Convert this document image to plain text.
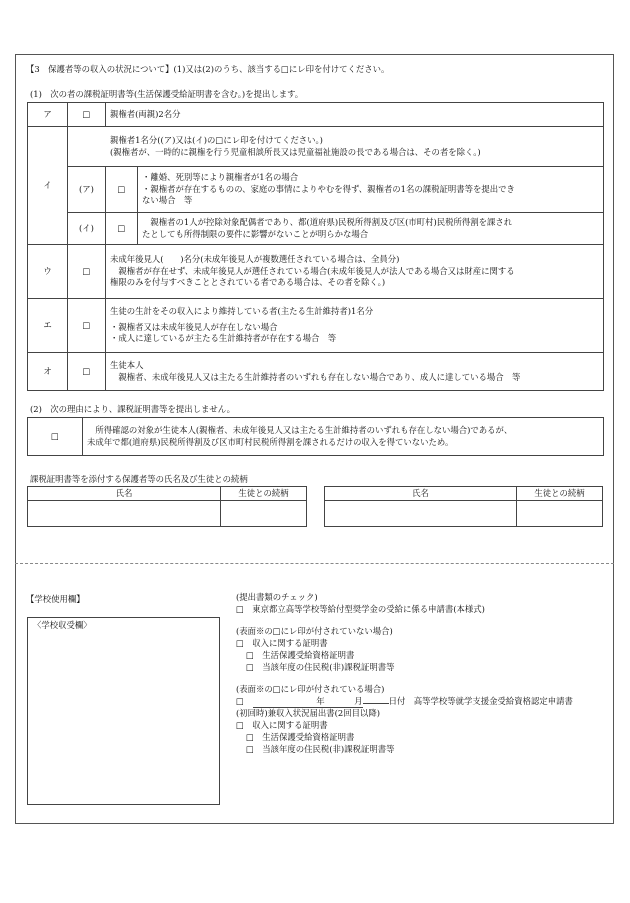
【3　保護者等の収入の状況について】(1)又は(2)のうち、該当する□にレ印を付けてください。
(1)　次の者の課税証明書等(生活保護受給証明書を含む。)を提出します。
ア	□	親権者(両親)2名分	
イ	親権者1名分((ア)又は(イ)の□にレ印を付けてください。)
(親権者が、一時的に親権を行う児童相談所長又は児童福祉施設の長である場合は、その者を除く。)		

	(ア)	□	・離婚、死別等により親権者が1名の場合
・親権者が存在するものの、家庭の事情によりやむを得ず、親権者の1名の課税証明書等を提出でき
ない場合　等

	(イ)	□	　親権者の1人が控除対象配偶者であり、都(道府県)民税所得割及び区(市町村)民税所得割を課され
たとしても所得制限の要件に影響がないことが明らかな場合

ウ	□	未成年後見人(　　)名分(未成年後見人が複数選任されている場合は、全員分)
　親権者が存在せず、未成年後見人が選任されている場合(未成年後見人が法人である場合又は財産に関する
権限のみを付与すべきこととされている者である場合は、その者を除く。)	

エ	□	生徒の生計をその収入により維持している者(主たる生計維持者)1名分
・親権者又は未成年後見人が存在しない場合
・成人に達しているが主たる生計維持者が存在する場合　等	

オ	□	生徒本人
　親権者、未成年後見人又は主たる生計維持者のいずれも存在しない場合であり、成人に達している場合　等	
(2)　次の理由により、課税証明書等を提出しません。
□	
　所得確認の対象が生徒本人(親権者、未成年後見人又は主たる生計維持者のいずれも存在しない場合)であるが、
未成年で都(道府県)民税所得割及び区市町村民税所得割を課されるだけの収入を得ていないため。
課税証明書等を添付する保護者等の氏名及び生徒との続柄
氏名	生徒との続柄
		氏名	生徒との続柄

【学校使用欄】
〈学校収受欄〉
(提出書類のチェック)
□　東京都立高等学校等給付型奨学金の受給に係る申請書(本様式)
(表面※の□にレ印が付されていない場合)
□　収入に関する証明書
□　生活保護受給資格証明書
□　当該年度の住民税(非)課税証明書等
(表面※の□にレ印が付されている場合)
□	年	月	日付　高等学校等就学支援金受給資格認定申請書
(初回時)兼収入状況届出書(2回目以降)
□　収入に関する証明書
□　生活保護受給資格証明書
□　当該年度の住民税(非)課税証明書等
